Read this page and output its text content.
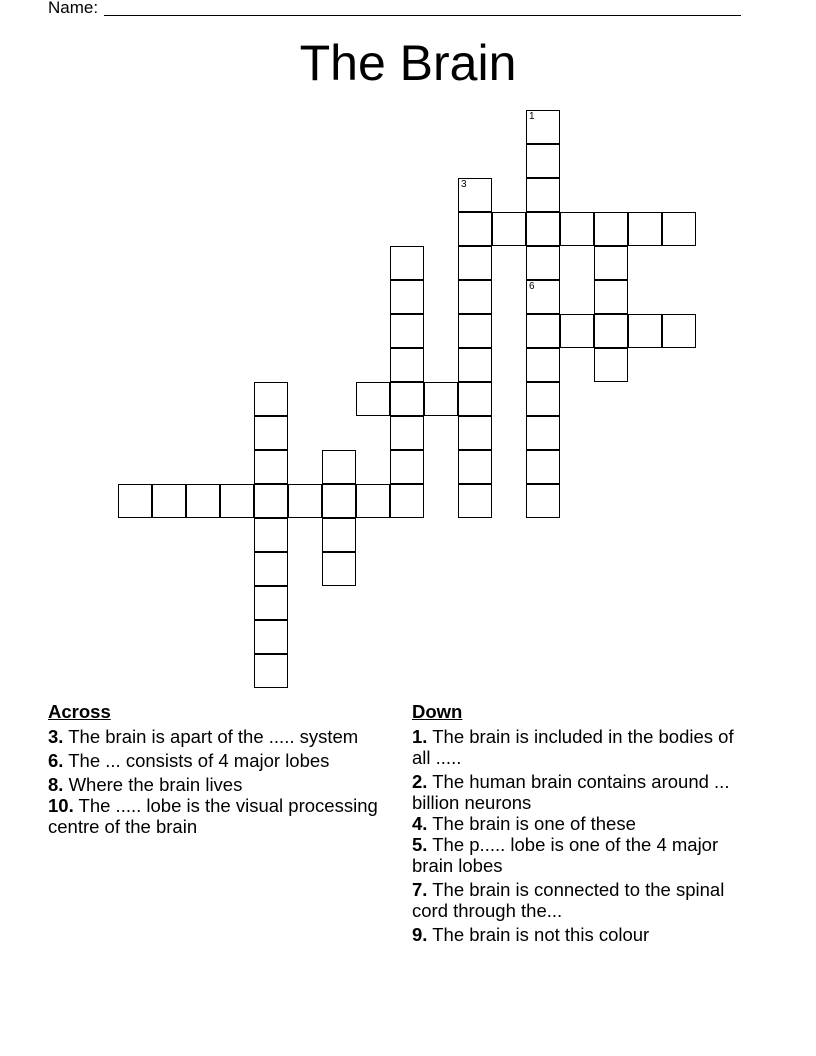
Name:
The Brain
1
3
6
Across
3. The brain is apart of the ..... system
6. The ... consists of 4 major lobes
8. Where the brain lives
10. The ..... lobe is the visual processing centre of the brain
Down
1. The brain is included in the bodies of all .....
2. The human brain contains around ... billion neurons
4. The brain is one of these
5. The p..... lobe is one of the 4 major brain lobes
7. The brain is connected to the spinal cord through the...
9. The brain is not this colour
